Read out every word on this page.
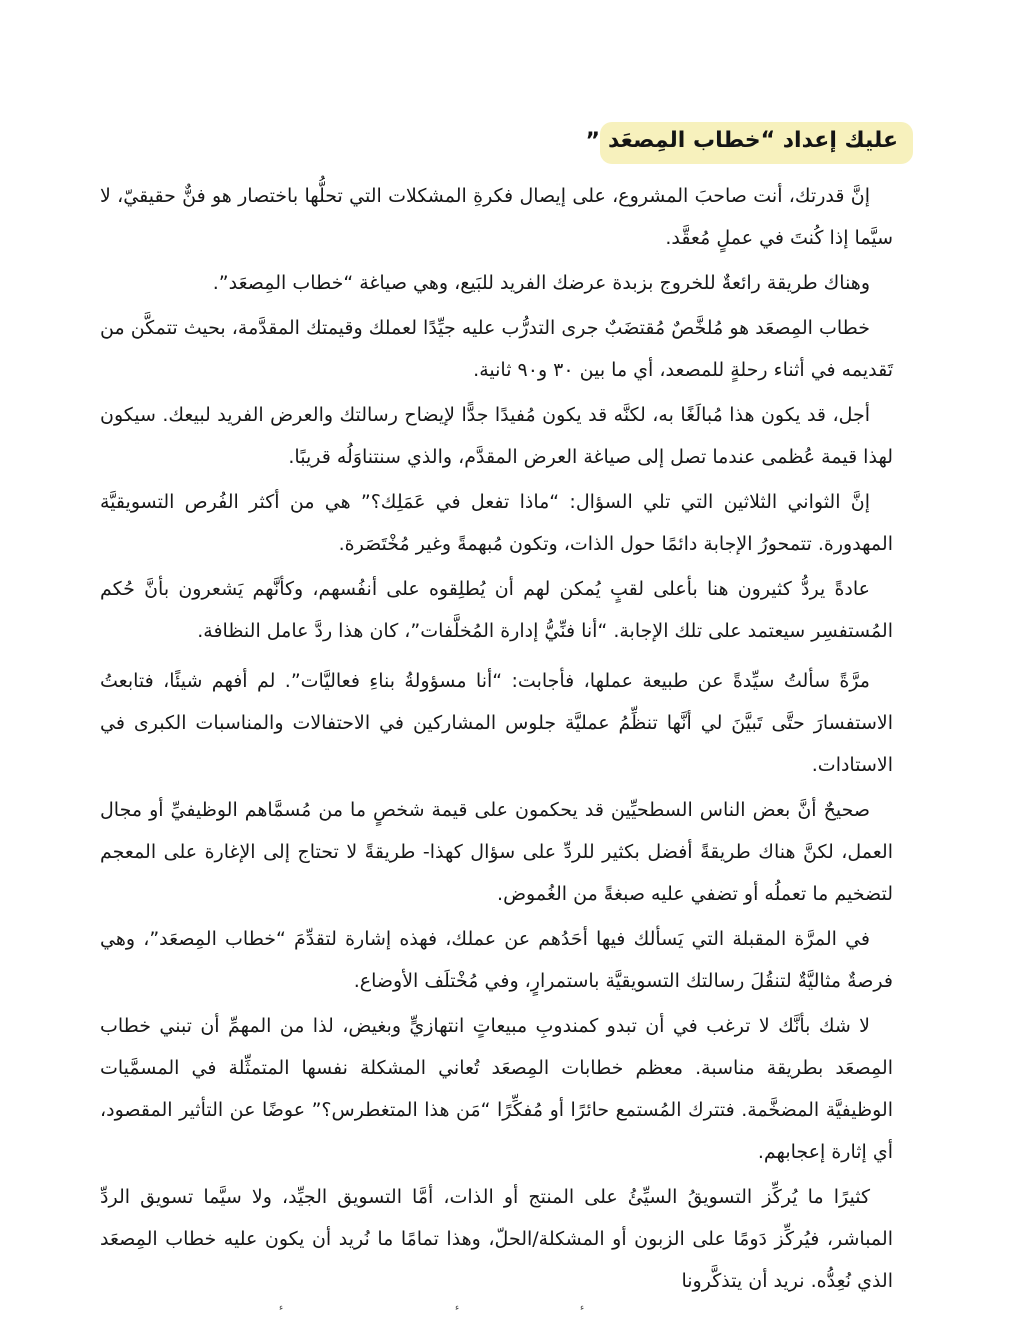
عليك إعداد “خطاب المِصعَد”

إنَّ قدرتك، أنت صاحبَ المشروع، على إيصال فكرةِ المشكلات التي تحلُّها باختصار هو فنٌّ حقيقيّ، لا سيَّما إذا كُنتَ في عملٍ مُعقَّد.

وهناك طريقة رائعةٌ للخروج بزبدة عرضك الفريد للبَيع، وهي صياغة “خطاب المِصعَد”.

خطاب المِصعَد هو مُلخَّصٌ مُقتضَبٌ جرى التدرُّب عليه جيِّدًا لعملك وقيمتك المقدَّمة، بحيث تتمكَّن من تَقديمه في أثناء رحلةٍ للمصعد، أي ما بين ٣٠ و٩٠ ثانية.

أجل، قد يكون هذا مُبالَغًا به، لكنَّه قد يكون مُفيدًا جدًّا لإيضاح رسالتك والعرض الفريد لبيعك. سيكون لهذا قيمة عُظمى عندما تصل إلى صياغة العرض المقدَّم، والذي سنتناوَلُه قريبًا.

إنَّ الثواني الثلاثين التي تلي السؤال: “ماذا تفعل في عَمَلِك؟” هي من أكثر الفُرص التسويقيَّة المهدورة. تتمحورُ الإجابة دائمًا حول الذات، وتكون مُبهمةً وغير مُخْتَصَرة.

عادةً يردُّ كثيرون هنا بأعلى لقبٍ يُمكن لهم أن يُطلِقوه على أنفُسهم، وكأنَّهم يَشعرون بأنَّ حُكم المُستفسِر سيعتمد على تلك الإجابة. “أنا فنِّيُّ إدارة المُخلَّفات”، كان هذا ردَّ عامل النظافة.

مرَّةً سألتُ سيِّدةً عن طبيعة عملها، فأجابت: “أنا مسؤولةُ بناءِ فعاليَّات”. لم أفهم شيئًا، فتابعتُ الاستفسارَ حتَّى تَبيَّنَ لي أنَّها تنظِّمُ عمليَّة جلوس المشاركين في الاحتفالات والمناسبات الكبرى في الاستادات.

صحيحٌ أنَّ بعض الناس السطحيِّين قد يحكمون على قيمة شخصٍ ما من مُسمَّاهم الوظيفيِّ أو مجال العمل، لكنَّ هناك طريقةً أفضل بكثير للردِّ على سؤال كهذا- طريقةً لا تحتاج إلى الإغارة على المعجم لتضخيم ما تعملُه أو تضفي عليه صبغةً من الغُموض.

في المرَّة المقبلة التي يَسألك فيها أحَدُهم عن عملك، فهذه إشارة لتقدِّمَ “خطاب المِصعَد”، وهي فرصةٌ مثاليَّةٌ لتنقُلَ رسالتك التسويقيَّة باستمرارٍ، وفي مُخْتلَف الأوضاع.

لا شك بأنَّك لا ترغب في أن تبدو كمندوبِ مبيعاتٍ انتهازيٍّ وبغيض، لذا من المهمِّ أن تبني خطاب المِصعَد بطريقة مناسبة. معظم خطابات المِصعَد تُعاني المشكلة نفسها المتمثِّلة في المسمَّيات الوظيفيَّة المضخَّمة. فتترك المُستمع حائرًا أو مُفكِّرًا “مَن هذا المتغطرس؟” عوضًا عن التأثير المقصود، أي إثارة إعجابهم.

كثيرًا ما يُركِّز التسويقُ السيِّئُ على المنتج أو الذات، أمَّا التسويق الجيِّد، ولا سيَّما تسويق الردِّ المباشر، فيُركِّز دَومًا على الزبون أو المشكلة/الحلّ، وهذا تمامًا ما نُريد أن يكون عليه خطاب المِصعَد الذي نُعِدُّه. نريد أن يتذكَّرونا

ء	ء	ء
